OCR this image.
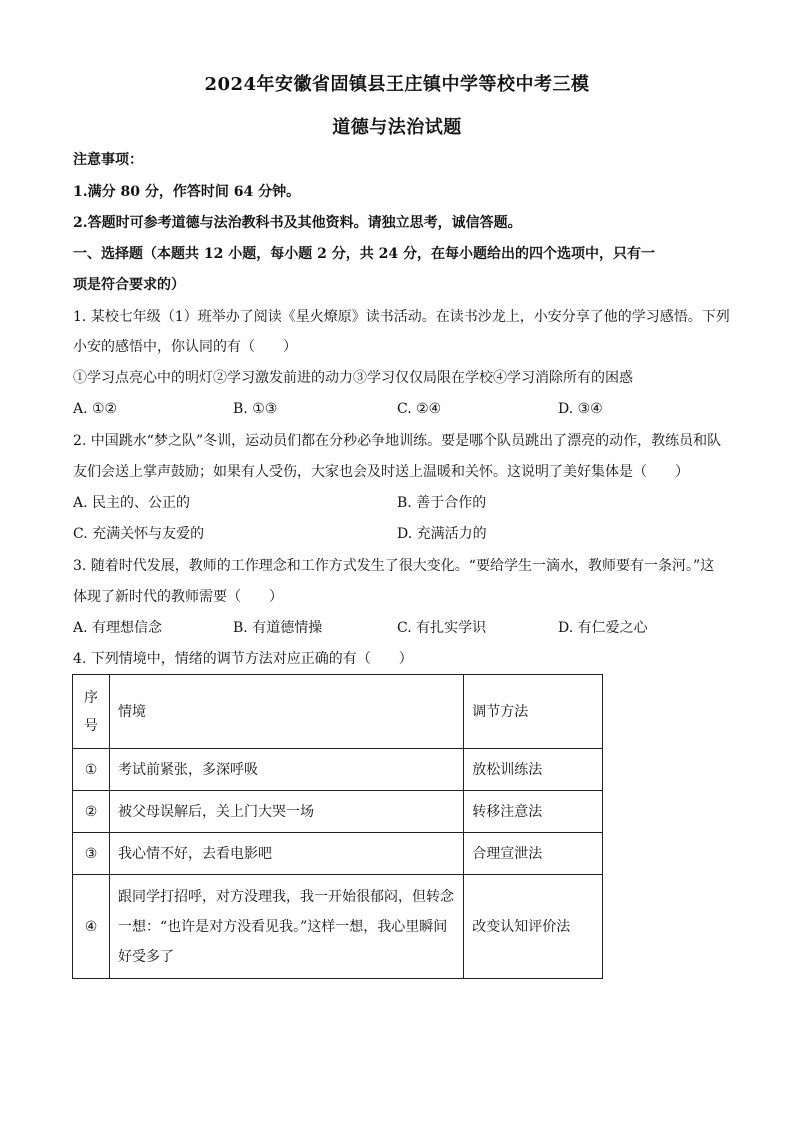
2024年安徽省固镇县王庄镇中学等校中考三模
道德与法治试题
注意事项：
1.满分 80 分，作答时间 64 分钟。
2.答题时可参考道德与法治教科书及其他资料。请独立思考，诚信答题。
一、选择题（本题共 12 小题，每小题 2 分，共 24 分，在每小题给出的四个选项中，只有一
项是符合要求的）
1. 某校七年级（1）班举办了阅读《星火燎原》读书活动。在读书沙龙上，小安分享了他的学习感悟。下列
小安的感悟中，你认同的有（　　）
①学习点亮心中的明灯②学习激发前进的动力③学习仅仅局限在学校④学习消除所有的困惑
A. ①②	B. ①③	C. ②④	D. ③④
2. 中国跳水“梦之队”冬训，运动员们都在分秒必争地训练。要是哪个队员跳出了漂亮的动作，教练员和队
友们会送上掌声鼓励；如果有人受伤，大家也会及时送上温暖和关怀。这说明了美好集体是（　　）
A. 民主的、公正的	B. 善于合作的
C. 充满关怀与友爱的	D. 充满活力的
3. 随着时代发展，教师的工作理念和工作方式发生了很大变化。“要给学生一滴水，教师要有一条河。”这
体现了新时代的教师需要（　　）
A. 有理想信念	B. 有道德情操	C. 有扎实学识	D. 有仁爱之心
4. 下列情境中，情绪的调节方法对应正确的有（　　）
序
号	情境	调节方法
①	考试前紧张，多深呼吸	放松训练法
②	被父母误解后，关上门大哭一场	转移注意法
③	我心情不好，去看电影吧	合理宣泄法
④	跟同学打招呼，对方没理我，我一开始很郁闷，但转念
一想：“也许是对方没看见我。”这样一想，我心里瞬间
好受多了	改变认知评价法
